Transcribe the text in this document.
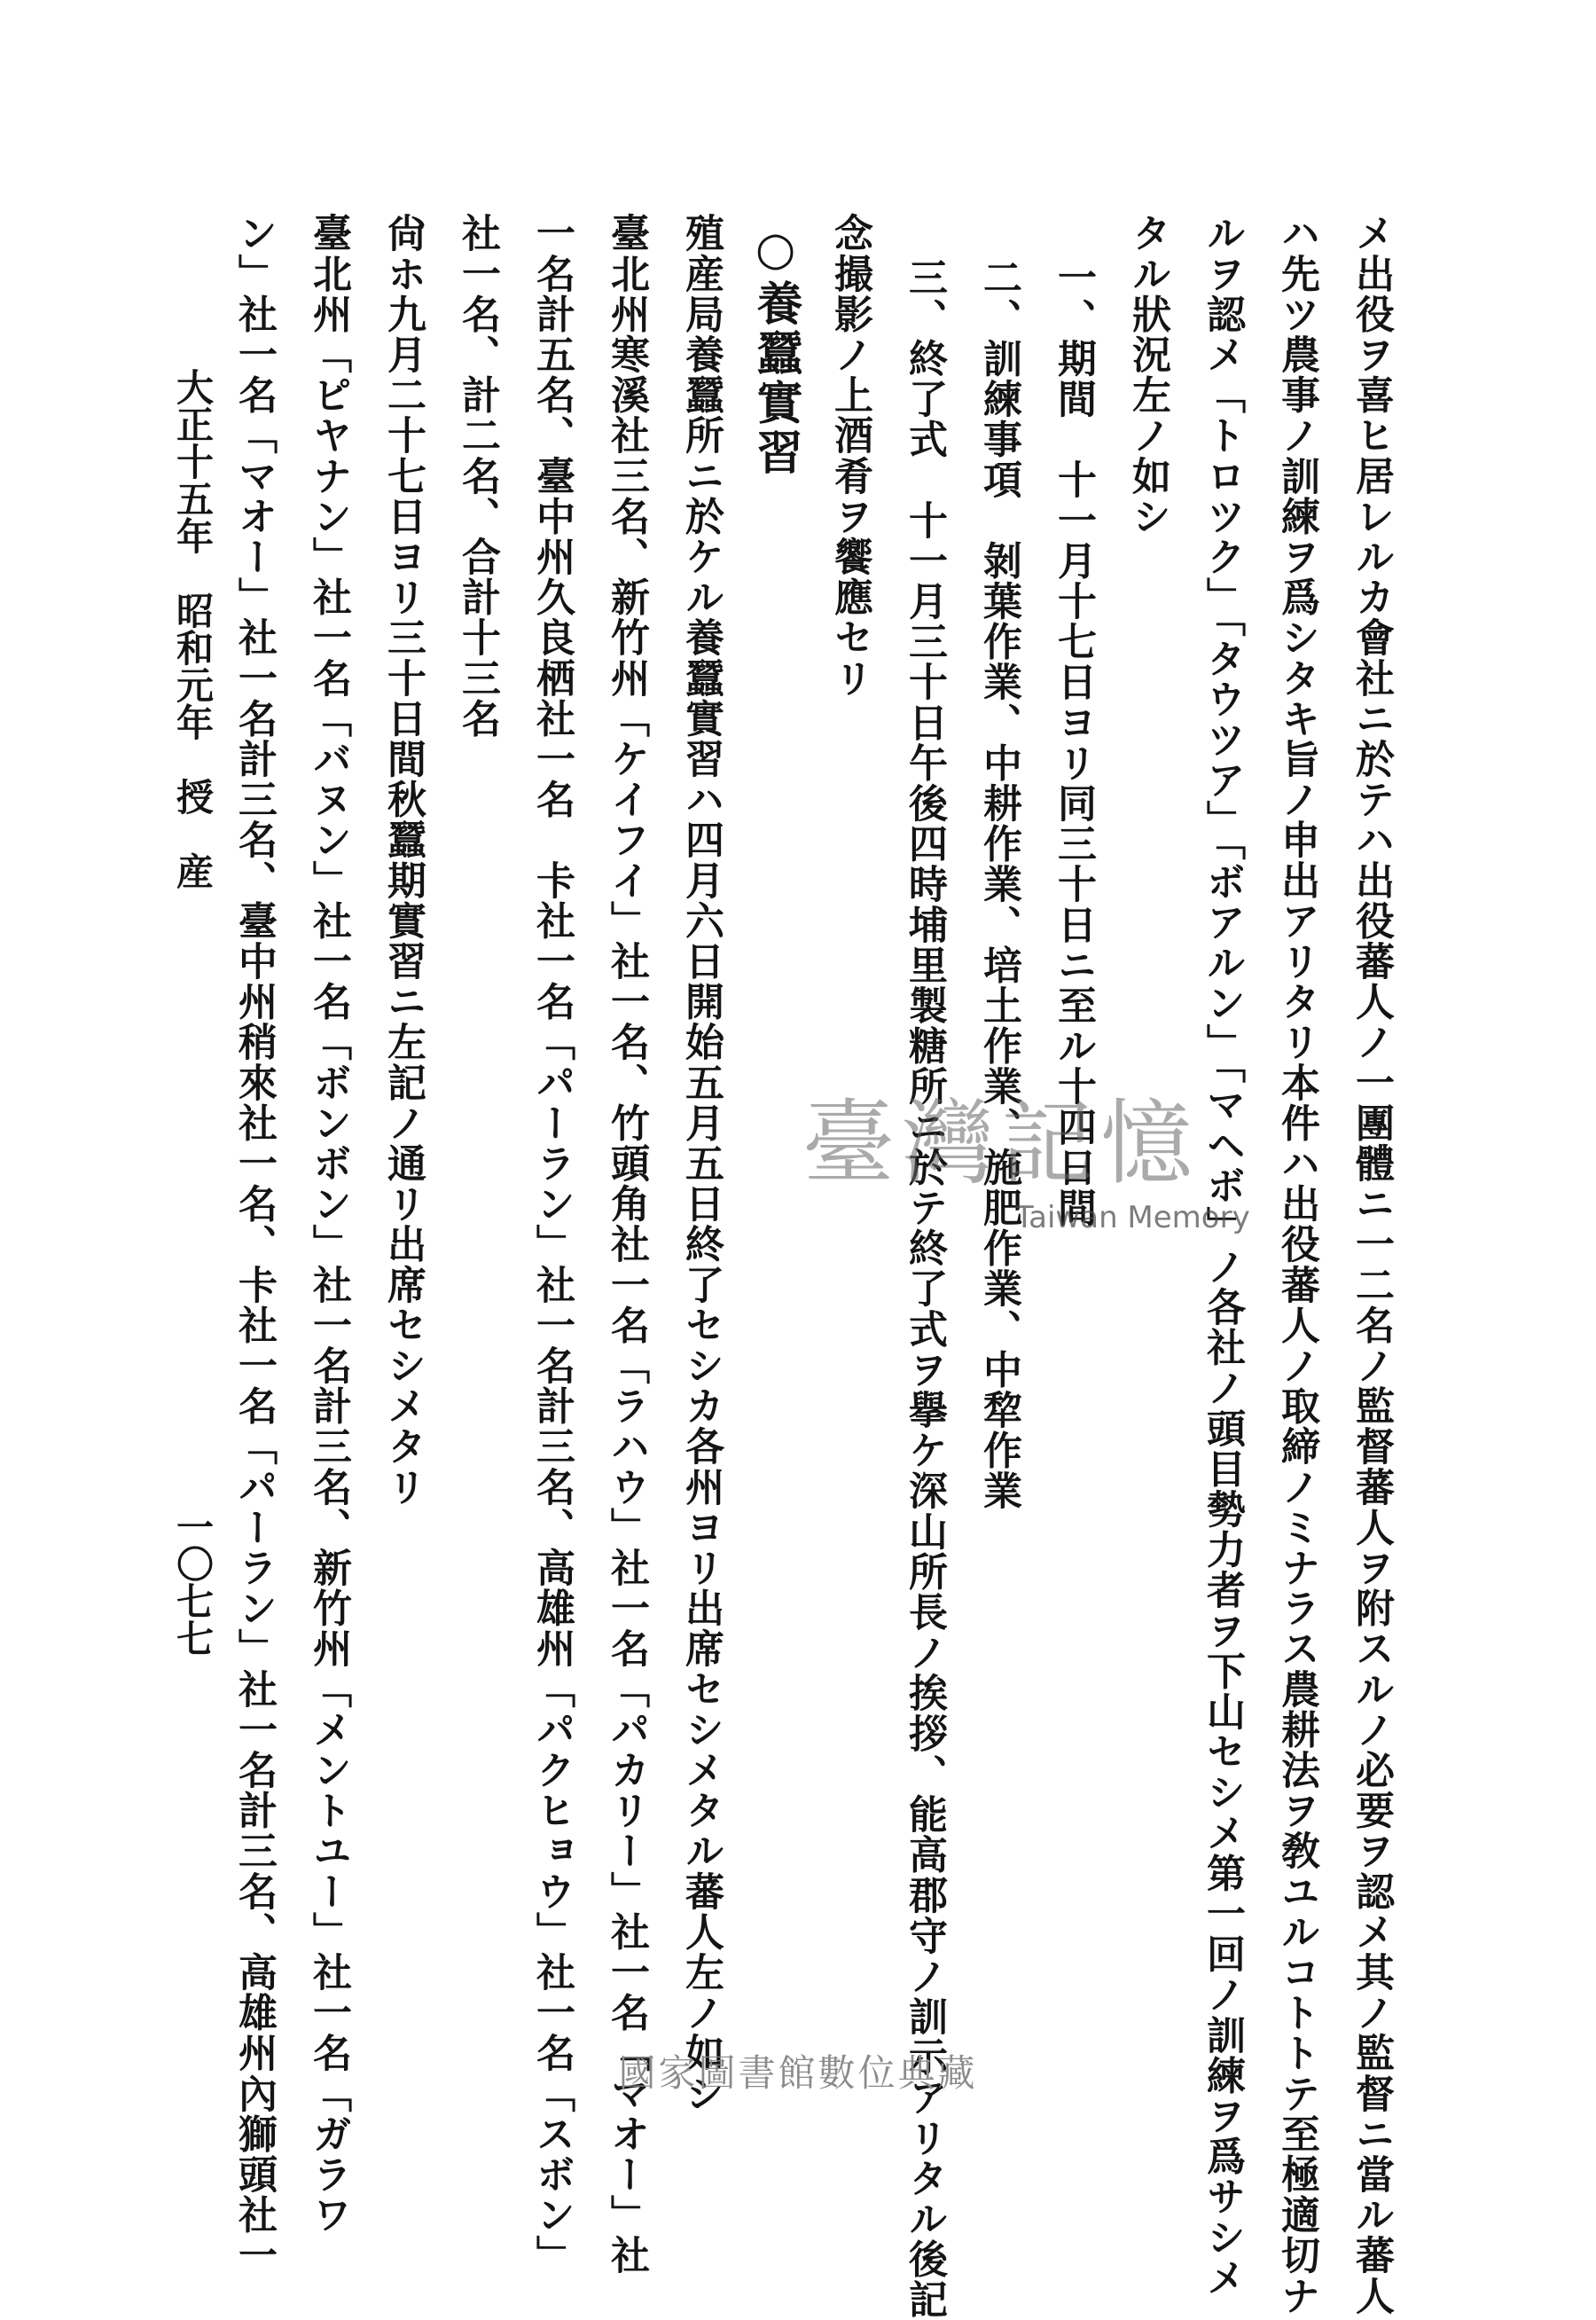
メ出役ヲ喜ヒ居レルカ會社ニ於テハ出役蕃人ノ一團體ニ一二名ノ監督蕃人ヲ附スルノ必要ヲ認メ其ノ監督ニ當ル蕃人
ハ先ツ農事ノ訓練ヲ爲シタキ旨ノ申出アリタリ本件ハ出役蕃人ノ取締ノミナラス農耕法ヲ敎ユルコトトテ至極適切ナ
ルヲ認メ「トロツク」「タウツア」「ボアルン」「マヘボ」ノ各社ノ頭目勢力者ヲ下山セシメ第一回ノ訓練ヲ爲サシメ
タル狀況左ノ如シ
一、期間　十一月十七日ヨリ同三十日ニ至ル十四日間
二、訓練事項　剝葉作業、中耕作業、培土作業、施肥作業、中犂作業
三、終了式　十一月三十日午後四時埔里製糖所ニ於テ終了式ヲ擧ケ深山所長ノ挨拶、能高郡守ノ訓示アリタル後記
念撮影ノ上酒肴ヲ饗應セリ
○養蠶實習
殖産局養蠶所ニ於ケル養蠶實習ハ四月六日開始五月五日終了セシカ各州ヨリ出席セシメタル蕃人左ノ如シ
臺北州寒溪社三名、新竹州「ケイフイ」社一名、竹頭角社一名「ラハウ」社一名「パカリー」社一名「マオー」社
一名計五名、臺中州久良栖社一名　卡社一名「パーラン」社一名計三名、高雄州「パクヒョウ」社一名「スボン」
社一名、計二名、合計十三名
尙ホ九月二十七日ヨリ三十日間秋蠶期實習ニ左記ノ通リ出席セシメタリ
臺北州「ピヤナン」社一名「バヌン」社一名「ボンボン」社一名計三名、新竹州「メントユー」社一名「ガラワ
ン」社一名「マオー」社一名計三名、臺中州稍來社一名、卡社一名「パーラン」社一名計三名、高雄州內獅頭社一
大正十五年　昭和元年　授　産
一〇七七
臺灣記憶
Taiwan Memory
國家圖書館數位典藏
